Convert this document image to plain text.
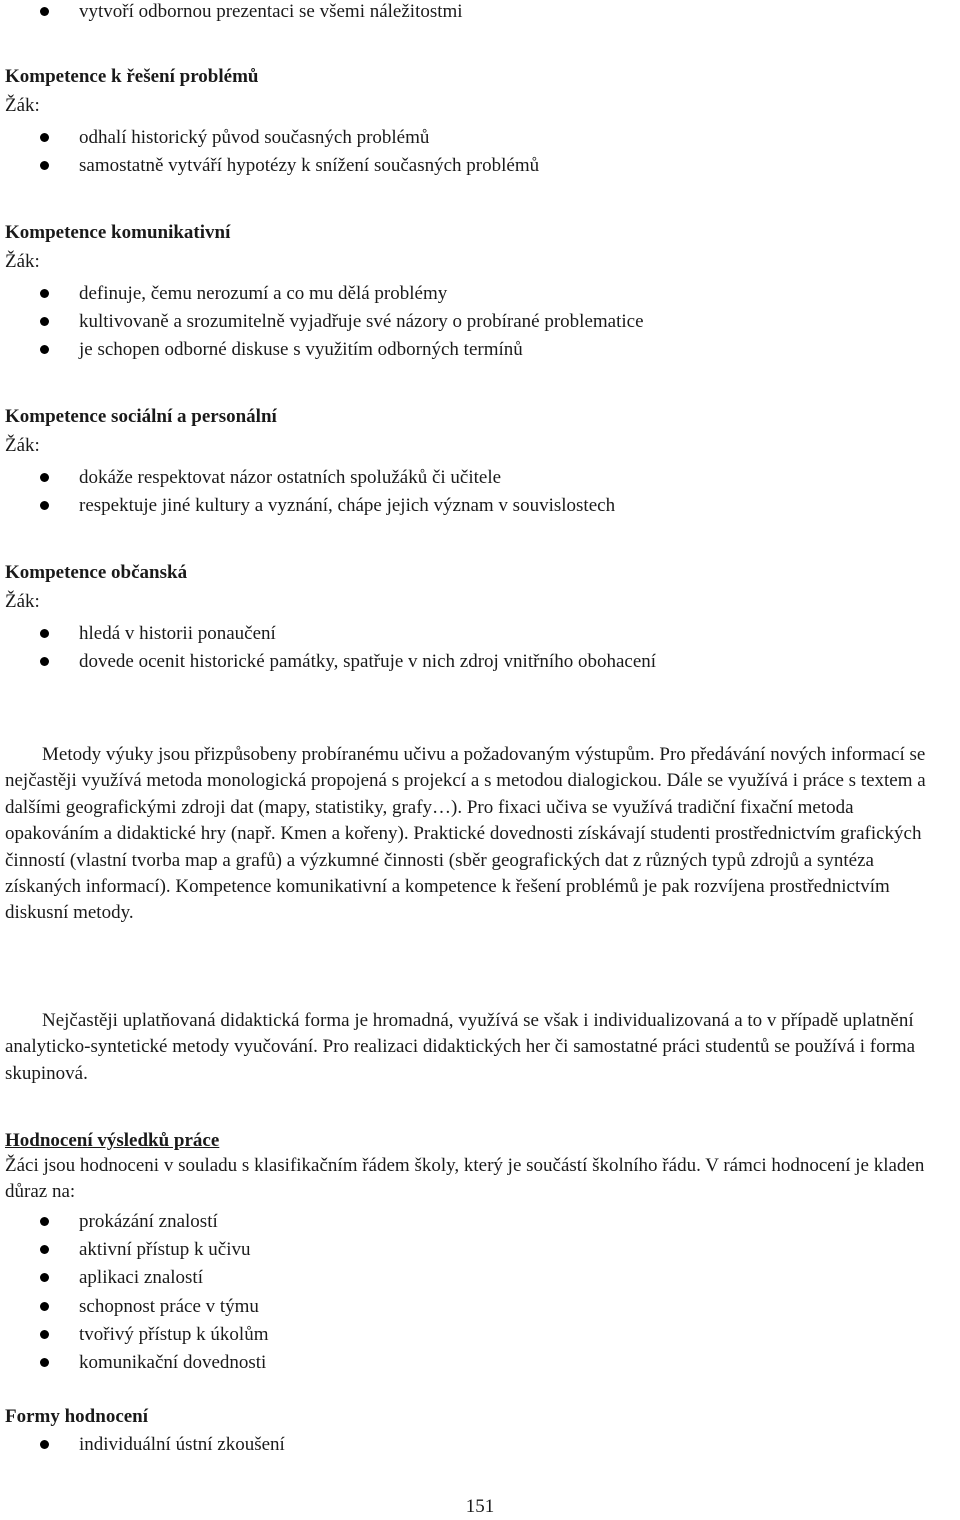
vytvoří odbornou prezentaci se všemi náležitostmi
Kompetence k řešení problémů
Žák:
odhalí historický původ současných problémů
samostatně vytváří hypotézy k snížení současných problémů
Kompetence komunikativní
Žák:
definuje, čemu nerozumí a co mu dělá problémy
kultivovaně a srozumitelně vyjadřuje své názory o probírané problematice
je schopen odborné diskuse s využitím odborných termínů
Kompetence sociální a personální
Žák:
dokáže respektovat názor ostatních spolužáků či učitele
respektuje jiné kultury a vyznání, chápe jejich význam v souvislostech
Kompetence občanská
Žák:
hledá v historii ponaučení
dovede ocenit historické památky, spatřuje v nich zdroj vnitřního obohacení
Metody výuky jsou přizpůsobeny probíranému učivu a požadovaným výstupům. Pro předávání nových informací se nejčastěji využívá metoda monologická propojená s projekcí a s metodou dialogickou. Dále se využívá i práce s textem a dalšími geografickými zdroji dat (mapy, statistiky, grafy…). Pro fixaci učiva se využívá tradiční fixační metoda opakováním a didaktické hry (např. Kmen a kořeny). Praktické dovednosti získávají studenti prostřednictvím grafických činností (vlastní tvorba map a grafů) a výzkumné činnosti (sběr geografických dat z různých typů zdrojů a syntéza získaných informací). Kompetence komunikativní a kompetence k řešení problémů je pak rozvíjena prostřednictvím diskusní metody.
Nejčastěji uplatňovaná didaktická forma je hromadná, využívá se však i individualizovaná a to v případě uplatnění analyticko-syntetické metody vyučování. Pro realizaci didaktických her či samostatné práci studentů se používá i forma skupinová.
Hodnocení výsledků práce
Žáci jsou hodnoceni v souladu s klasifikačním řádem školy, který je součástí školního řádu. V rámci hodnocení je kladen důraz na:
prokázání znalostí
aktivní přístup k učivu
aplikaci znalostí
schopnost práce v týmu
tvořivý přístup k úkolům
komunikační dovednosti
Formy hodnocení
individuální ústní zkoušení
151
